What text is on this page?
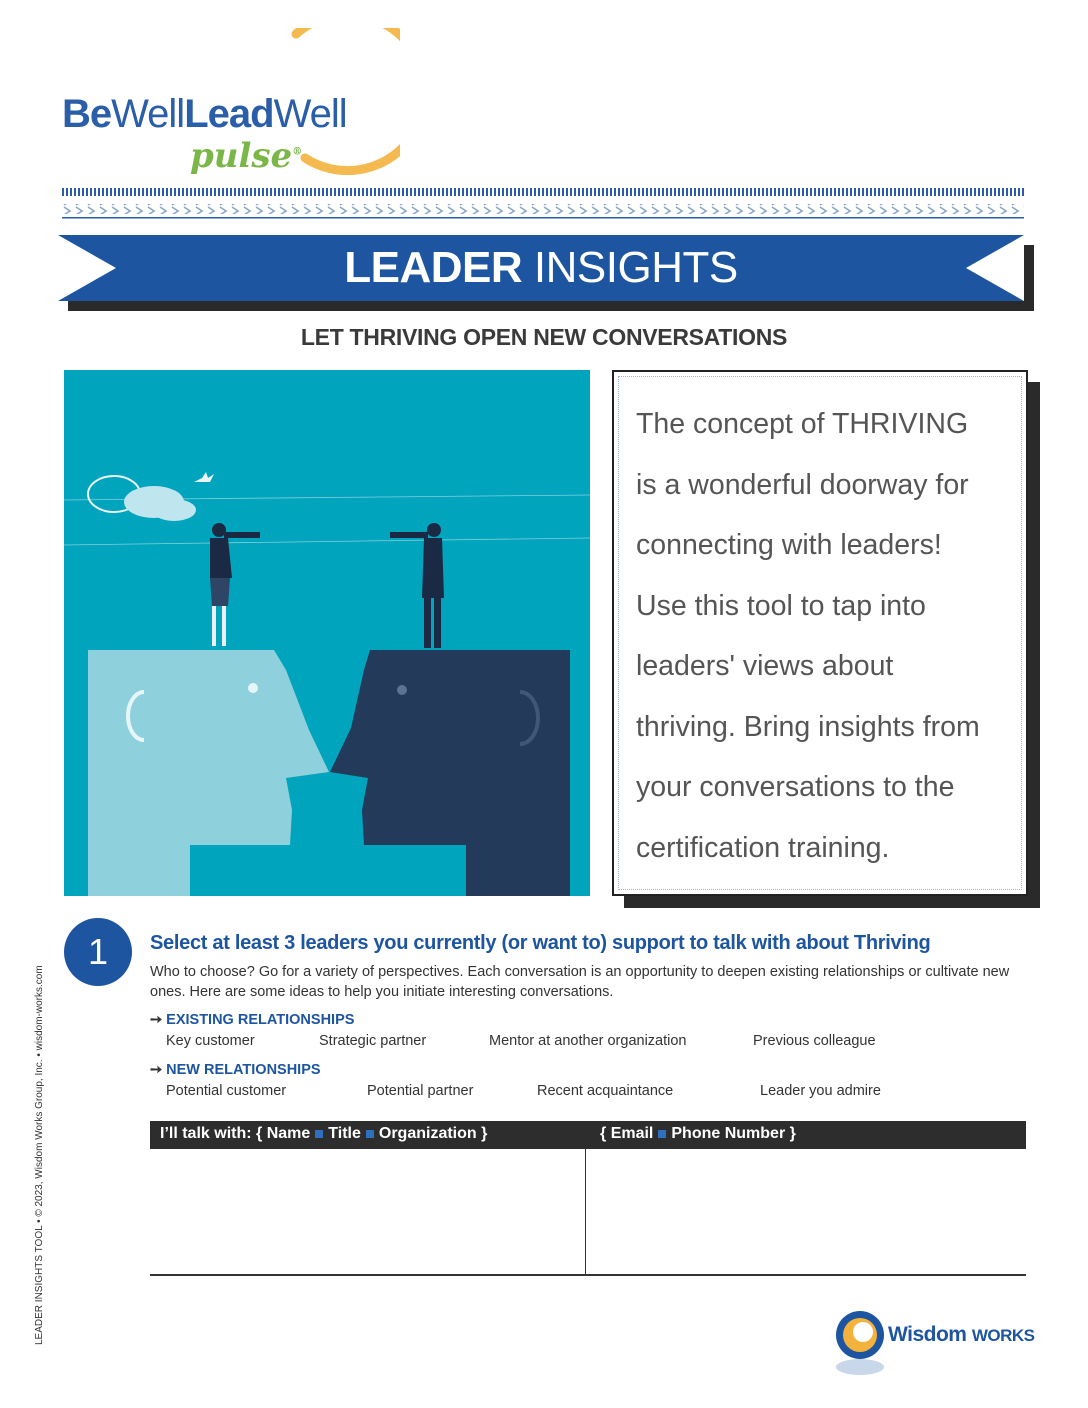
BeWellLeadWell
pulse®
LEADER INSIGHTS
LET THRIVING OPEN NEW CONVERSATIONS
The concept of THRIVING
is a wonderful doorway for
connecting with leaders!
Use this tool to tap into
leaders' views about
thriving. Bring insights from
your conversations to the
certification training.
1	Select at least 3 leaders you currently (or want to) support to talk with about Thriving
Who to choose? Go for a variety of perspectives. Each conversation is an opportunity to deepen existing relationships or cultivate new ones. Here are some ideas to help you initiate interesting conversations.
➙ EXISTING RELATIONSHIPS
Key customer	Strategic partner	Mentor at another organization	Previous colleague
➙ NEW RELATIONSHIPS
Potential customer	Potential partner	Recent acquaintance	Leader you admire
I’ll talk with: { Name Title Organization }	{ Email Phone Number }
LEADER INSIGHTS TOOL • © 2023, Wisdom Works Group, Inc. • wisdom-works.com	Wisdom WORKS
